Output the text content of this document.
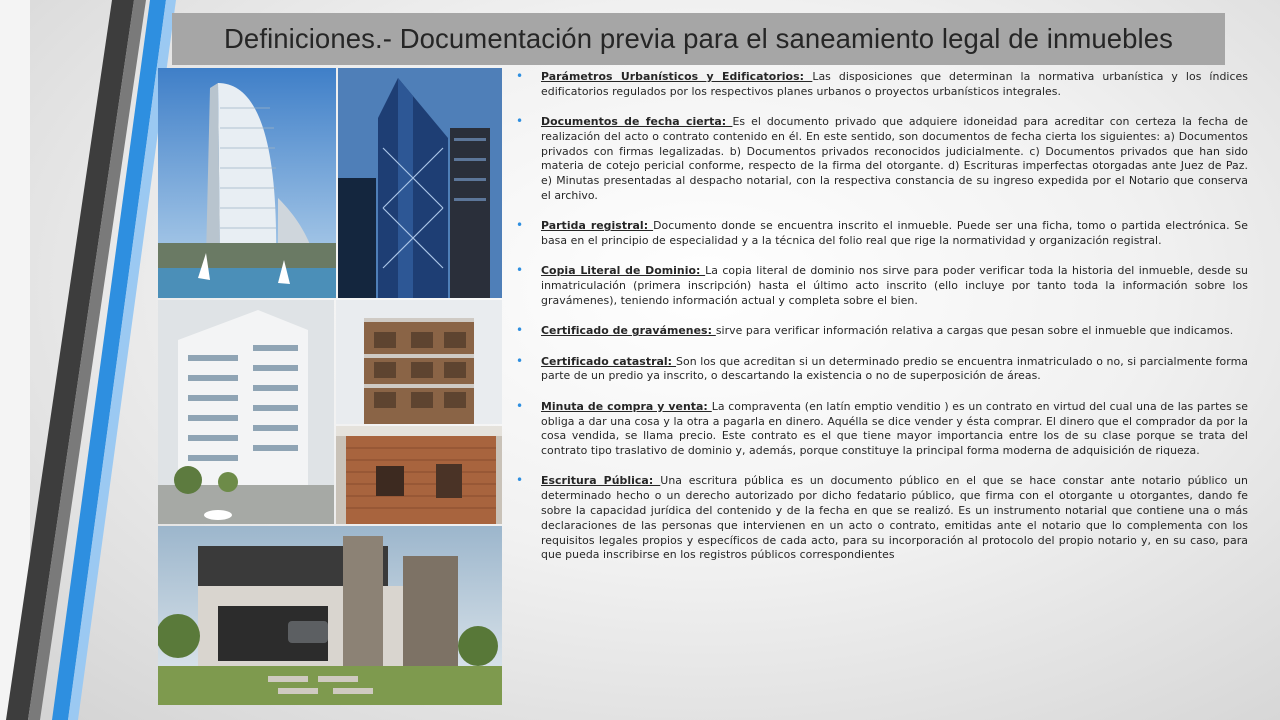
Definiciones.- Documentación previa para el saneamiento legal de inmuebles
• Parámetros Urbanísticos y Edificatorios: Las disposiciones que determinan la normativa urbanística y los índices edificatorios regulados por los respectivos planes urbanos o proyectos urbanísticos integrales.
• Documentos de fecha cierta: Es el documento privado que adquiere idoneidad para acreditar con certeza la fecha de realización del acto o contrato contenido en él. En este sentido, son documentos de fecha cierta los siguientes: a) Documentos privados con firmas legalizadas. b) Documentos privados reconocidos judicialmente. c) Documentos privados que han sido materia de cotejo pericial conforme, respecto de la firma del otorgante. d) Escrituras imperfectas otorgadas ante Juez de Paz. e) Minutas presentadas al despacho notarial, con la respectiva constancia de su ingreso expedida por el Notario que conserva el archivo.
• Partida registral: Documento donde se encuentra inscrito el inmueble. Puede ser una ficha, tomo o partida electrónica. Se basa en el principio de especialidad y a la técnica del folio real que rige la normatividad y organización registral.
• Copia Literal de Dominio: La copia literal de dominio nos sirve para poder verificar toda la historia del inmueble, desde su inmatriculación (primera inscripción) hasta el último acto inscrito (ello incluye por tanto toda la información sobre los gravámenes), teniendo información actual y completa sobre el bien.
• Certificado de gravámenes: sirve para verificar información relativa a cargas que pesan sobre el inmueble que indicamos.
• Certificado catastral: Son los que acreditan si un determinado predio se encuentra inmatriculado o no, si parcialmente forma parte de un predio ya inscrito, o descartando la existencia o no de superposición de áreas.
• Minuta de compra y venta: La compraventa (en latín emptio venditio ) es un contrato en virtud del cual una de las partes se obliga a dar una cosa y la otra a pagarla en dinero. Aquélla se dice vender y ésta comprar. El dinero que el comprador da por la cosa vendida, se llama precio. Este contrato es el que tiene mayor importancia entre los de su clase porque se trata del contrato tipo traslativo de dominio y, además, porque constituye la principal forma moderna de adquisición de riqueza.
• Escritura Pública: Una escritura pública es un documento público en el que se hace constar ante notario público un determinado hecho o un derecho autorizado por dicho fedatario público, que firma con el otorgante u otorgantes, dando fe sobre la capacidad jurídica del contenido y de la fecha en que se realizó. Es un instrumento notarial que contiene una o más declaraciones de las personas que intervienen en un acto o contrato, emitidas ante el notario que lo complementa con los requisitos legales propios y específicos de cada acto, para su incorporación al protocolo del propio notario y, en su caso, para que pueda inscribirse en los registros públicos correspondientes
